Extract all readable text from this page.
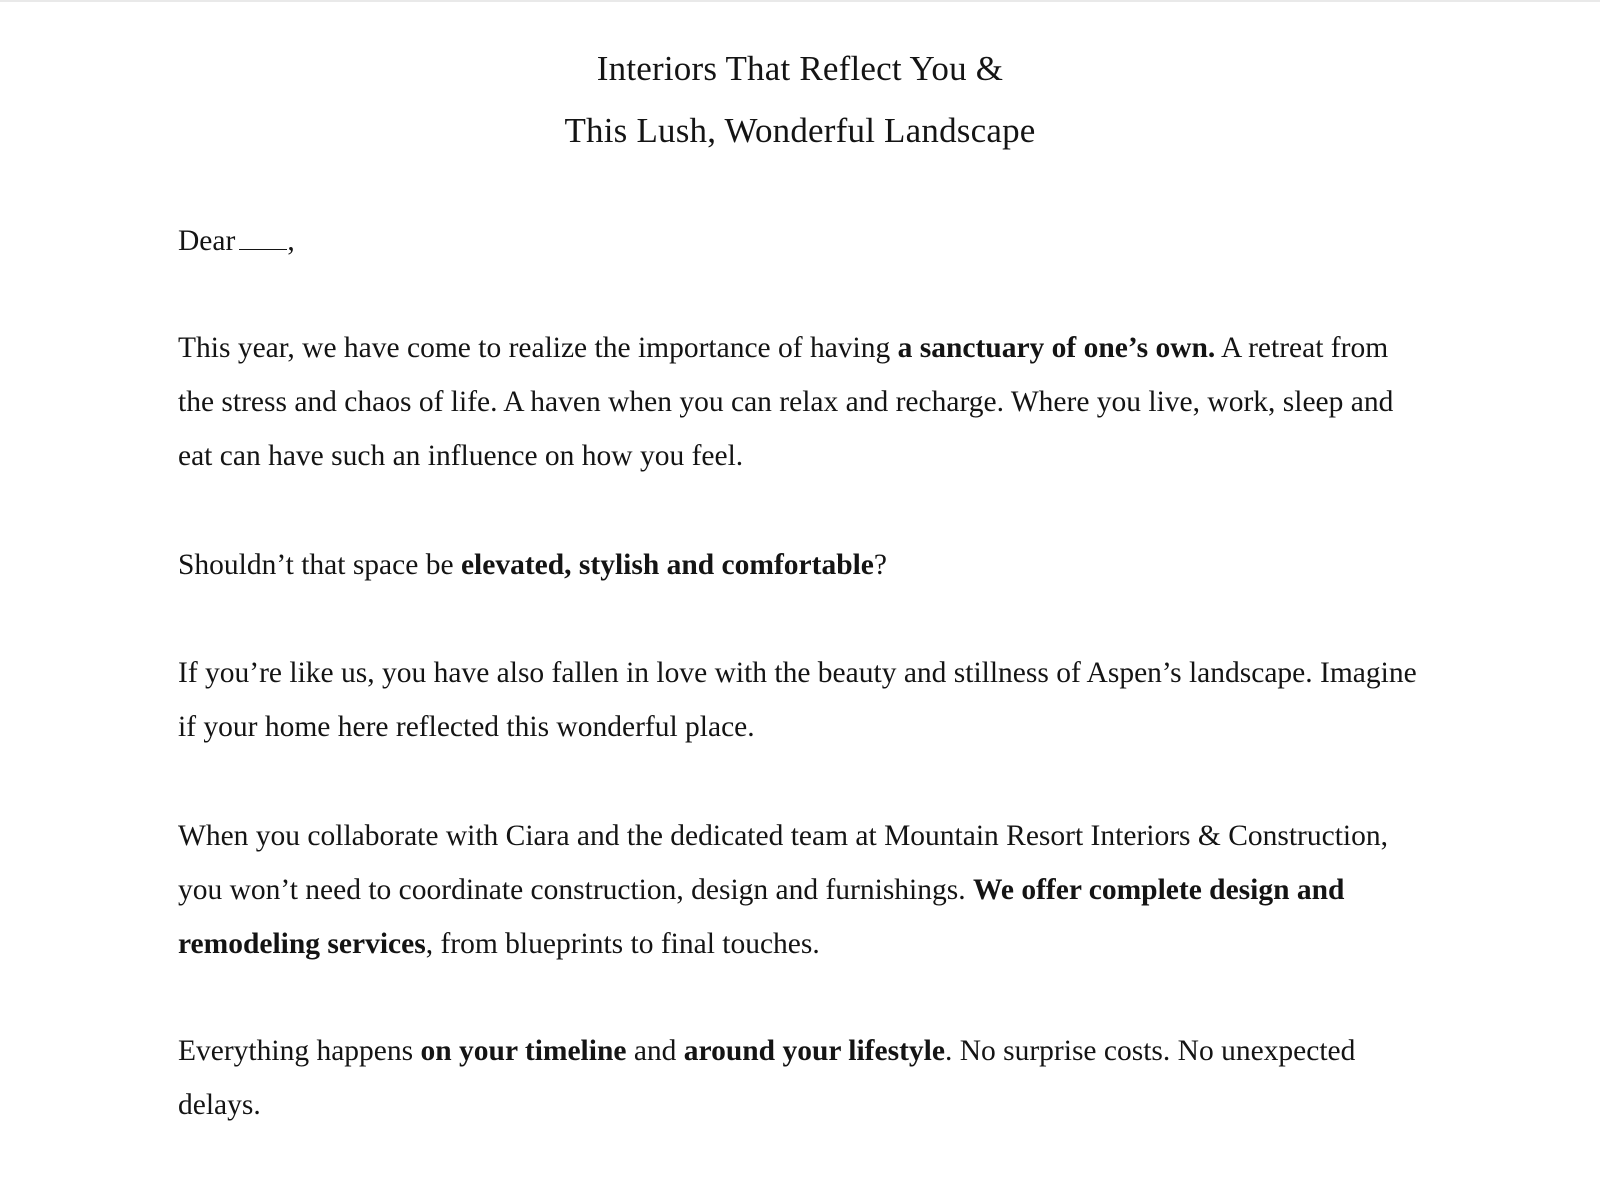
Interiors That Reflect You &
This Lush, Wonderful Landscape

Dear ,

This year, we have come to realize the importance of having a sanctuary of one’s own. A retreat from the stress and chaos of life. A haven when you can relax and recharge. Where you live, work, sleep and eat can have such an influence on how you feel.

Shouldn’t that space be elevated, stylish and comfortable?

If you’re like us, you have also fallen in love with the beauty and stillness of Aspen’s landscape. Imagine if your home here reflected this wonderful place.

When you collaborate with Ciara and the dedicated team at Mountain Resort Interiors & Construction, you won’t need to coordinate construction, design and furnishings. We offer complete design and remodeling services, from blueprints to final touches.

Everything happens on your timeline and around your lifestyle. No surprise costs. No unexpected delays.
